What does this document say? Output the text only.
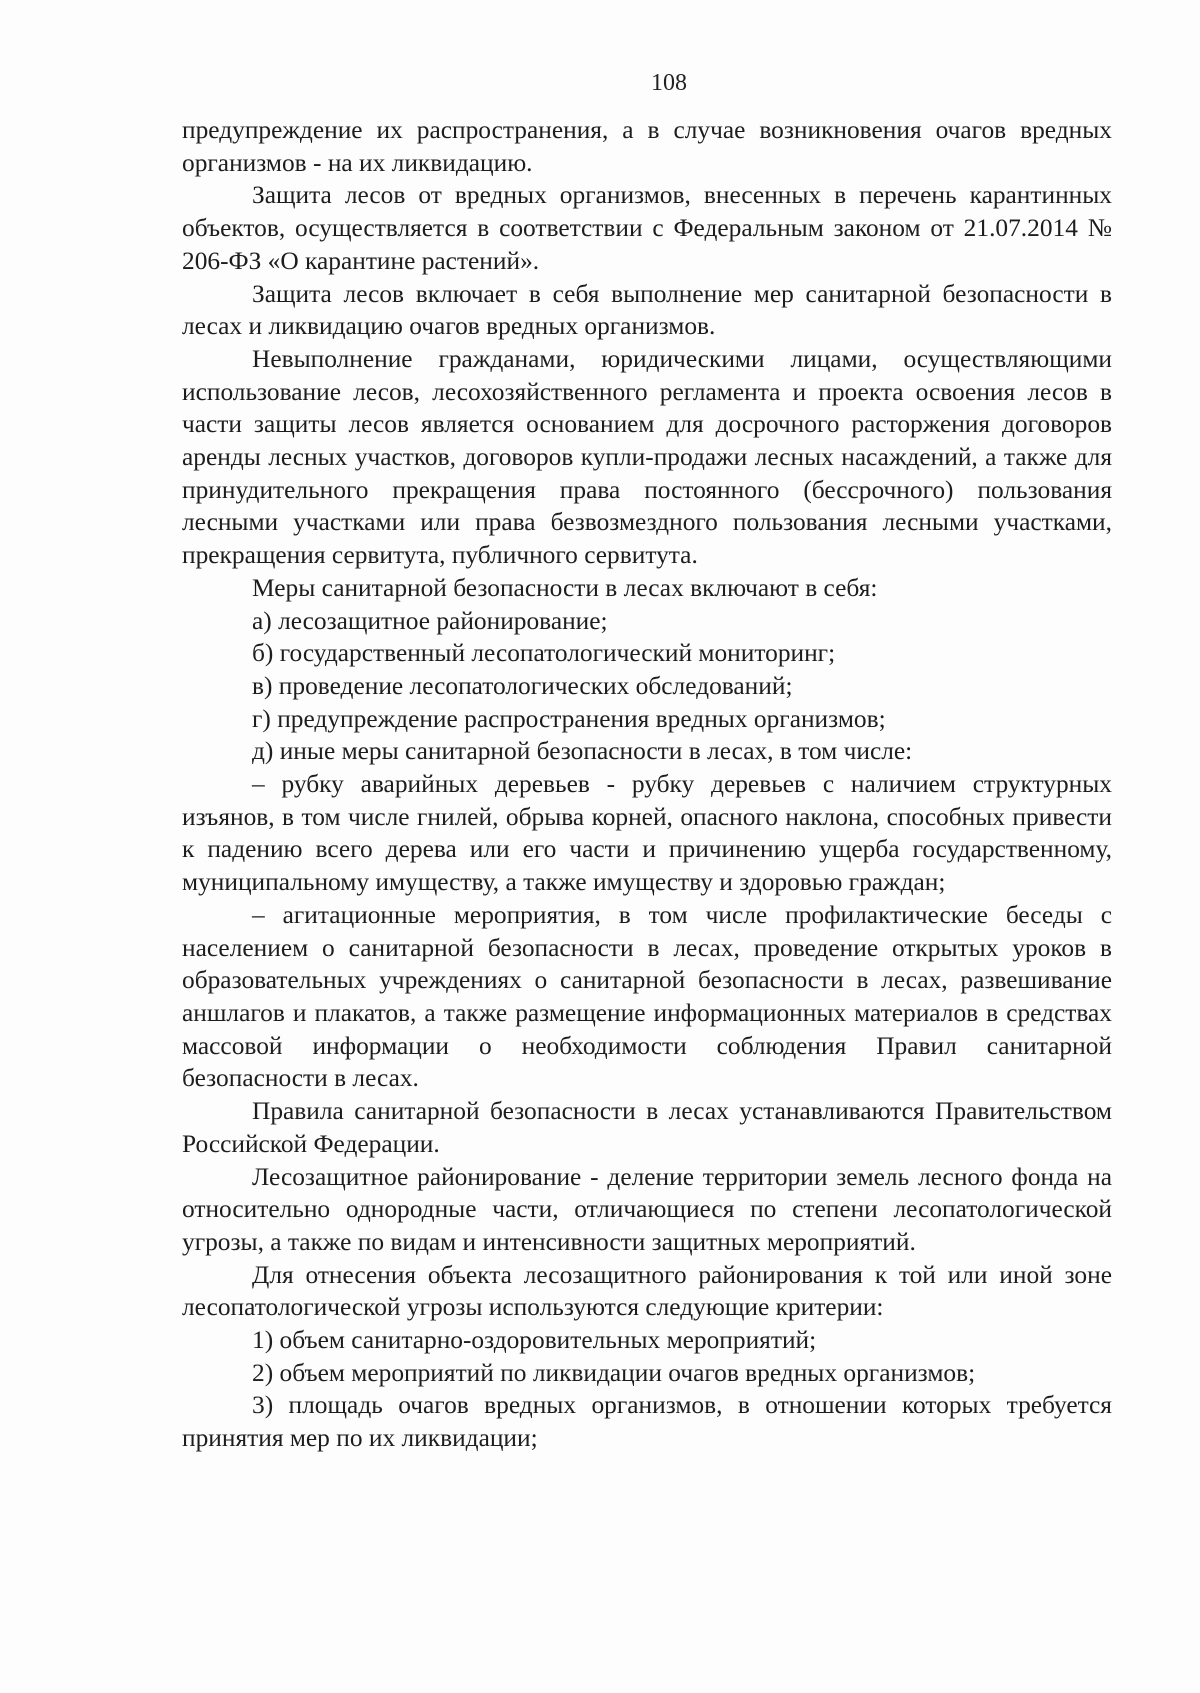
108

предупреждение их распространения, а в случае возникновения очагов вредных организмов - на их ликвидацию.

Защита лесов от вредных организмов, внесенных в перечень карантинных объектов, осуществляется в соответствии с Федеральным законом от 21.07.2014 № 206-ФЗ «О карантине растений».

Защита лесов включает в себя выполнение мер санитарной безопасности в лесах и ликвидацию очагов вредных организмов.

Невыполнение гражданами, юридическими лицами, осуществляющими использование лесов, лесохозяйственного регламента и проекта освоения лесов в части защиты лесов является основанием для досрочного расторжения договоров аренды лесных участков, договоров купли-продажи лесных насаждений, а также для принудительного прекращения права постоянного (бессрочного) пользования лесными участками или права безвозмездного пользования лесными участками, прекращения сервитута, публичного сервитута.

Меры санитарной безопасности в лесах включают в себя:

а) лесозащитное районирование;

б) государственный лесопатологический мониторинг;

в) проведение лесопатологических обследований;

г) предупреждение распространения вредных организмов;

д) иные меры санитарной безопасности в лесах, в том числе:

– рубку аварийных деревьев - рубку деревьев с наличием структурных изъянов, в том числе гнилей, обрыва корней, опасного наклона, способных привести к падению всего дерева или его части и причинению ущерба государственному, муниципальному имуществу, а также имуществу и здоровью граждан;

– агитационные мероприятия, в том числе профилактические беседы с населением о санитарной безопасности в лесах, проведение открытых уроков в образовательных учреждениях о санитарной безопасности в лесах, развешивание аншлагов и плакатов, а также размещение информационных материалов в средствах массовой информации о необходимости соблюдения Правил санитарной безопасности в лесах.

Правила санитарной безопасности в лесах устанавливаются Правительством Российской Федерации.

Лесозащитное районирование - деление территории земель лесного фонда на относительно однородные части, отличающиеся по степени лесопатологической угрозы, а также по видам и интенсивности защитных мероприятий.

Для отнесения объекта лесозащитного районирования к той или иной зоне лесопатологической угрозы используются следующие критерии:

1) объем санитарно-оздоровительных мероприятий;

2) объем мероприятий по ликвидации очагов вредных организмов;

3) площадь очагов вредных организмов, в отношении которых требуется принятия мер по их ликвидации;
